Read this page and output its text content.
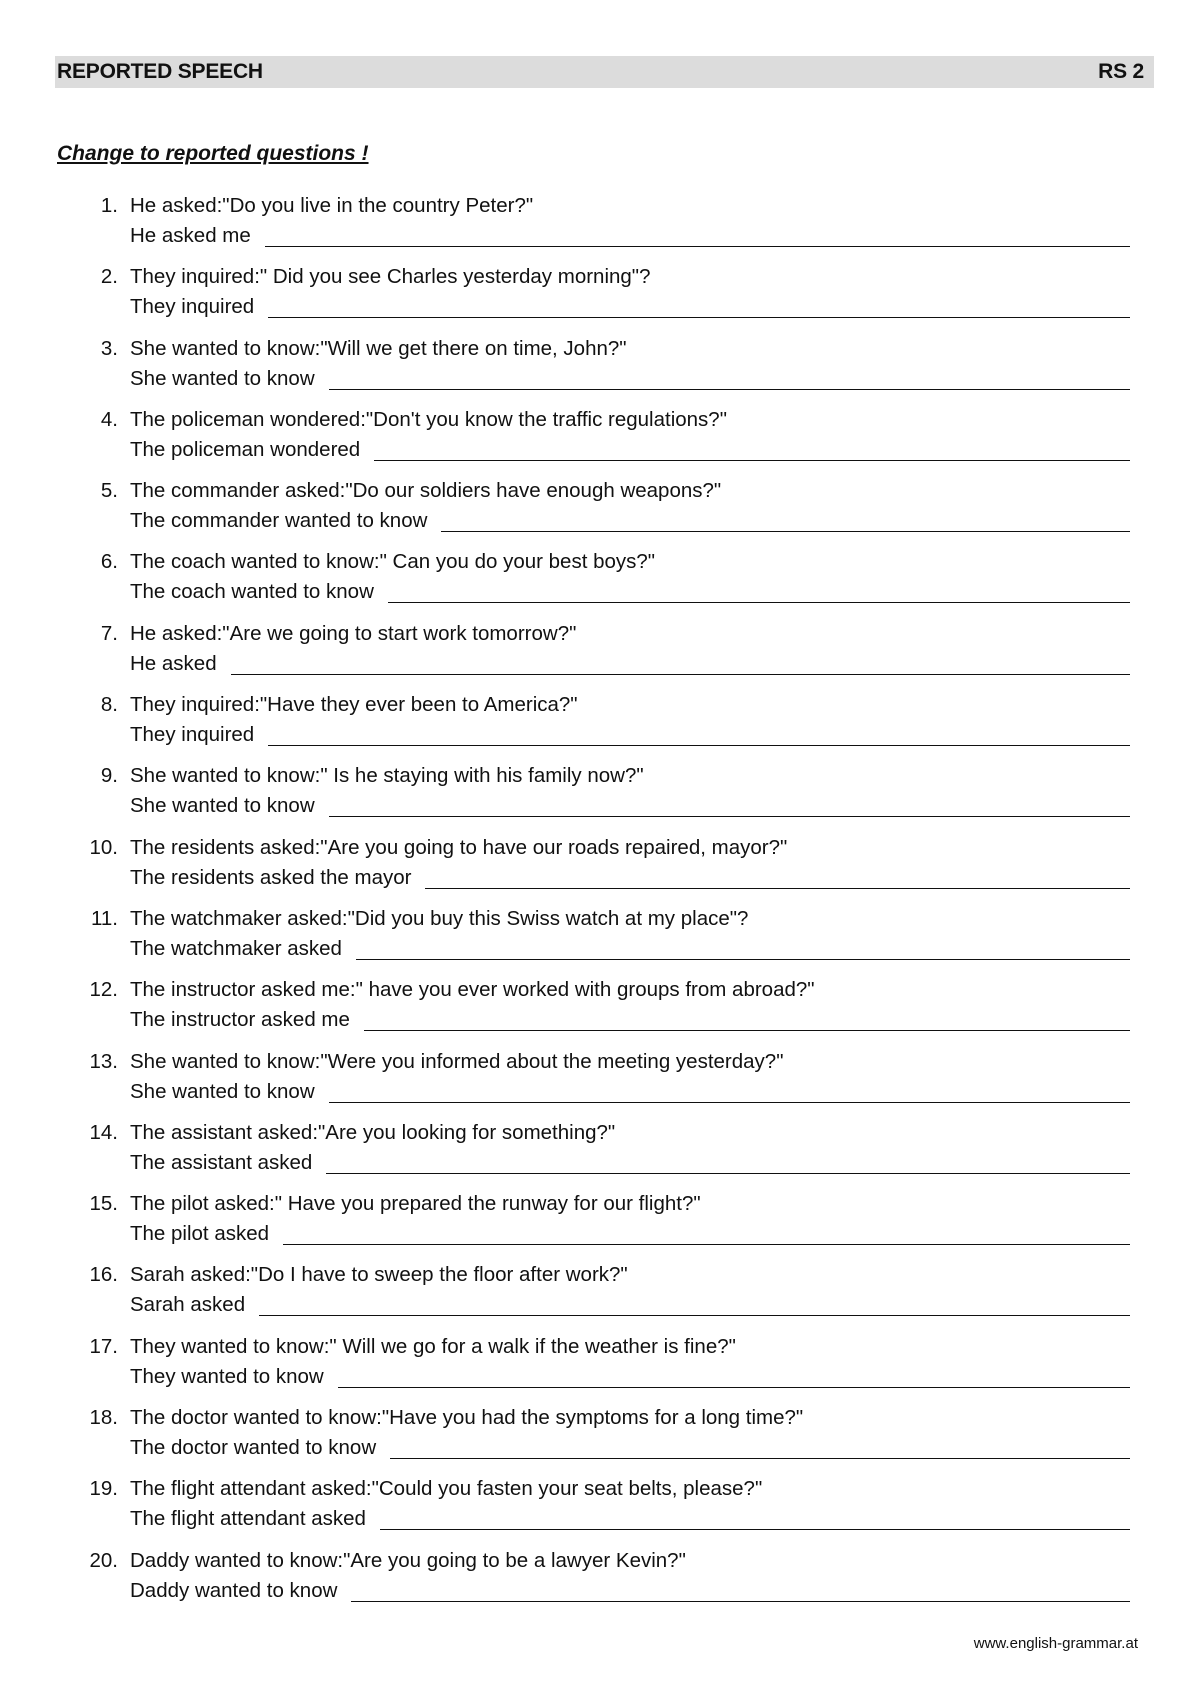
REPORTED SPEECH	RS 2
Change to reported questions !
1. He asked:"Do you live in the country Peter?"
He asked me
2. They inquired:" Did you see Charles yesterday morning"?
They inquired
3. She wanted to know:"Will we get there on time, John?"
She wanted to know
4. The policeman wondered:"Don't you know the traffic regulations?"
The policeman wondered
5. The commander asked:"Do our soldiers have enough weapons?"
The commander wanted to know
6. The coach wanted to know:" Can you do your best boys?"
The coach wanted to know
7. He asked:"Are we going to start work tomorrow?"
He asked
8. They inquired:"Have they ever been to America?"
They inquired
9. She wanted to know:" Is he staying with his family now?"
She wanted to know
10. The residents asked:"Are you going to have our roads repaired, mayor?"
The residents asked the mayor
11. The watchmaker asked:"Did you buy this Swiss watch at my place"?
The watchmaker asked
12. The instructor asked me:" have you ever worked with groups from abroad?"
The instructor asked me
13. She wanted to know:"Were you informed about the meeting yesterday?"
She wanted to know
14. The assistant asked:"Are you looking for something?"
The assistant asked
15. The pilot asked:" Have you prepared the runway for our flight?"
The pilot asked
16. Sarah asked:"Do I have to sweep the floor after work?"
Sarah asked
17. They wanted to know:" Will we go for a walk if the weather is fine?"
They wanted to know
18. The doctor wanted to know:"Have you had the symptoms for a long time?"
The doctor wanted to know
19. The flight attendant asked:"Could you fasten your seat belts, please?"
The flight attendant asked
20. Daddy wanted to know:"Are you going to be a lawyer Kevin?"
Daddy wanted to know
www.english-grammar.at
